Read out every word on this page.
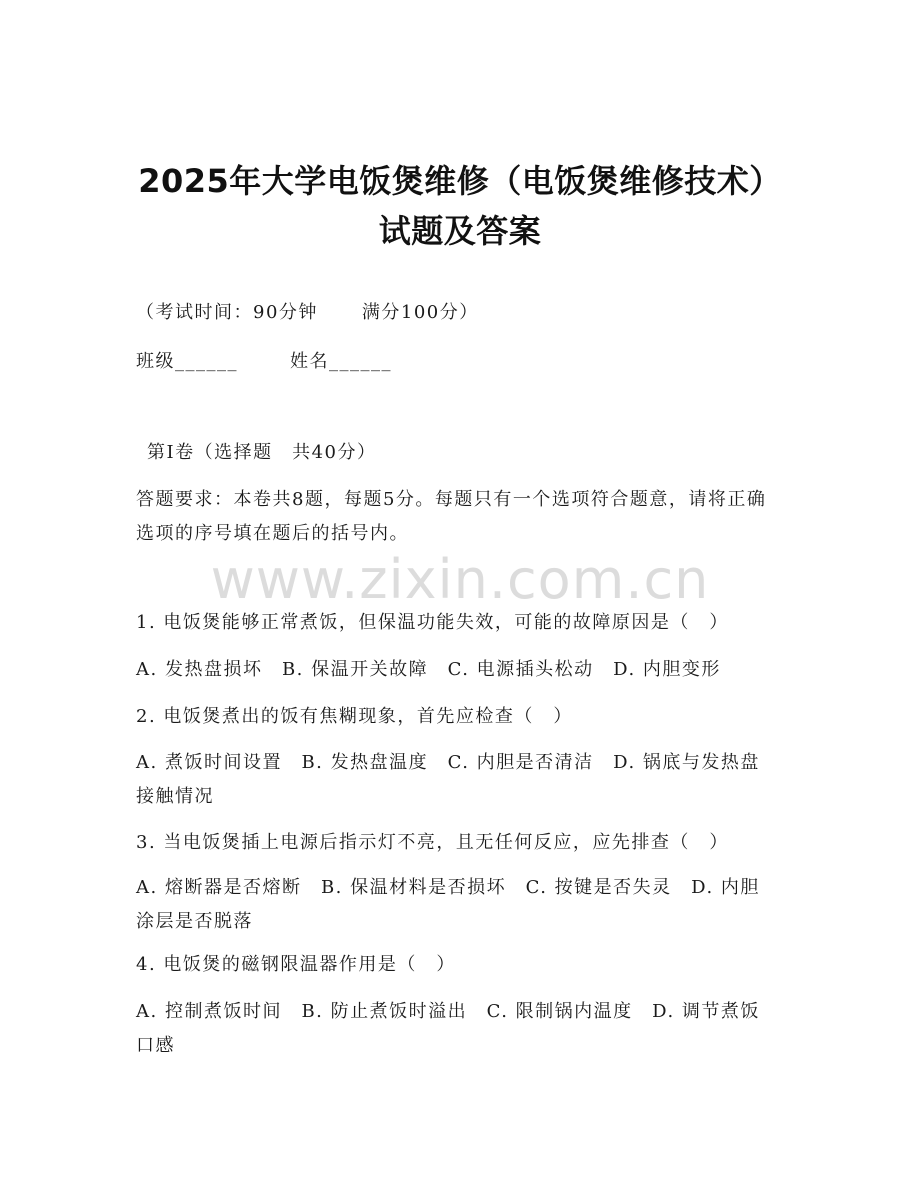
2025年大学电饭煲维修（电饭煲维修技术）
试题及答案
（考试时间：90分钟 满分100分）
班级______	姓名______
第Ⅰ卷（选择题　共40分）
答题要求：本卷共8题，每题5分。每题只有一个选项符合题意，请将正确选项的序号填在题后的括号内。
www.zixin.com.cn
1. 电饭煲能够正常煮饭，但保温功能失效，可能的故障原因是（　）
A. 发热盘损坏　B. 保温开关故障　C. 电源插头松动　D. 内胆变形
2. 电饭煲煮出的饭有焦糊现象，首先应检查（　）
A. 煮饭时间设置　B. 发热盘温度　C. 内胆是否清洁　D. 锅底与发热盘接触情况
3. 当电饭煲插上电源后指示灯不亮，且无任何反应，应先排查（　）
A. 熔断器是否熔断　B. 保温材料是否损坏　C. 按键是否失灵　D. 内胆涂层是否脱落
4. 电饭煲的磁钢限温器作用是（　）
A. 控制煮饭时间　B. 防止煮饭时溢出　C. 限制锅内温度　D. 调节煮饭口感
